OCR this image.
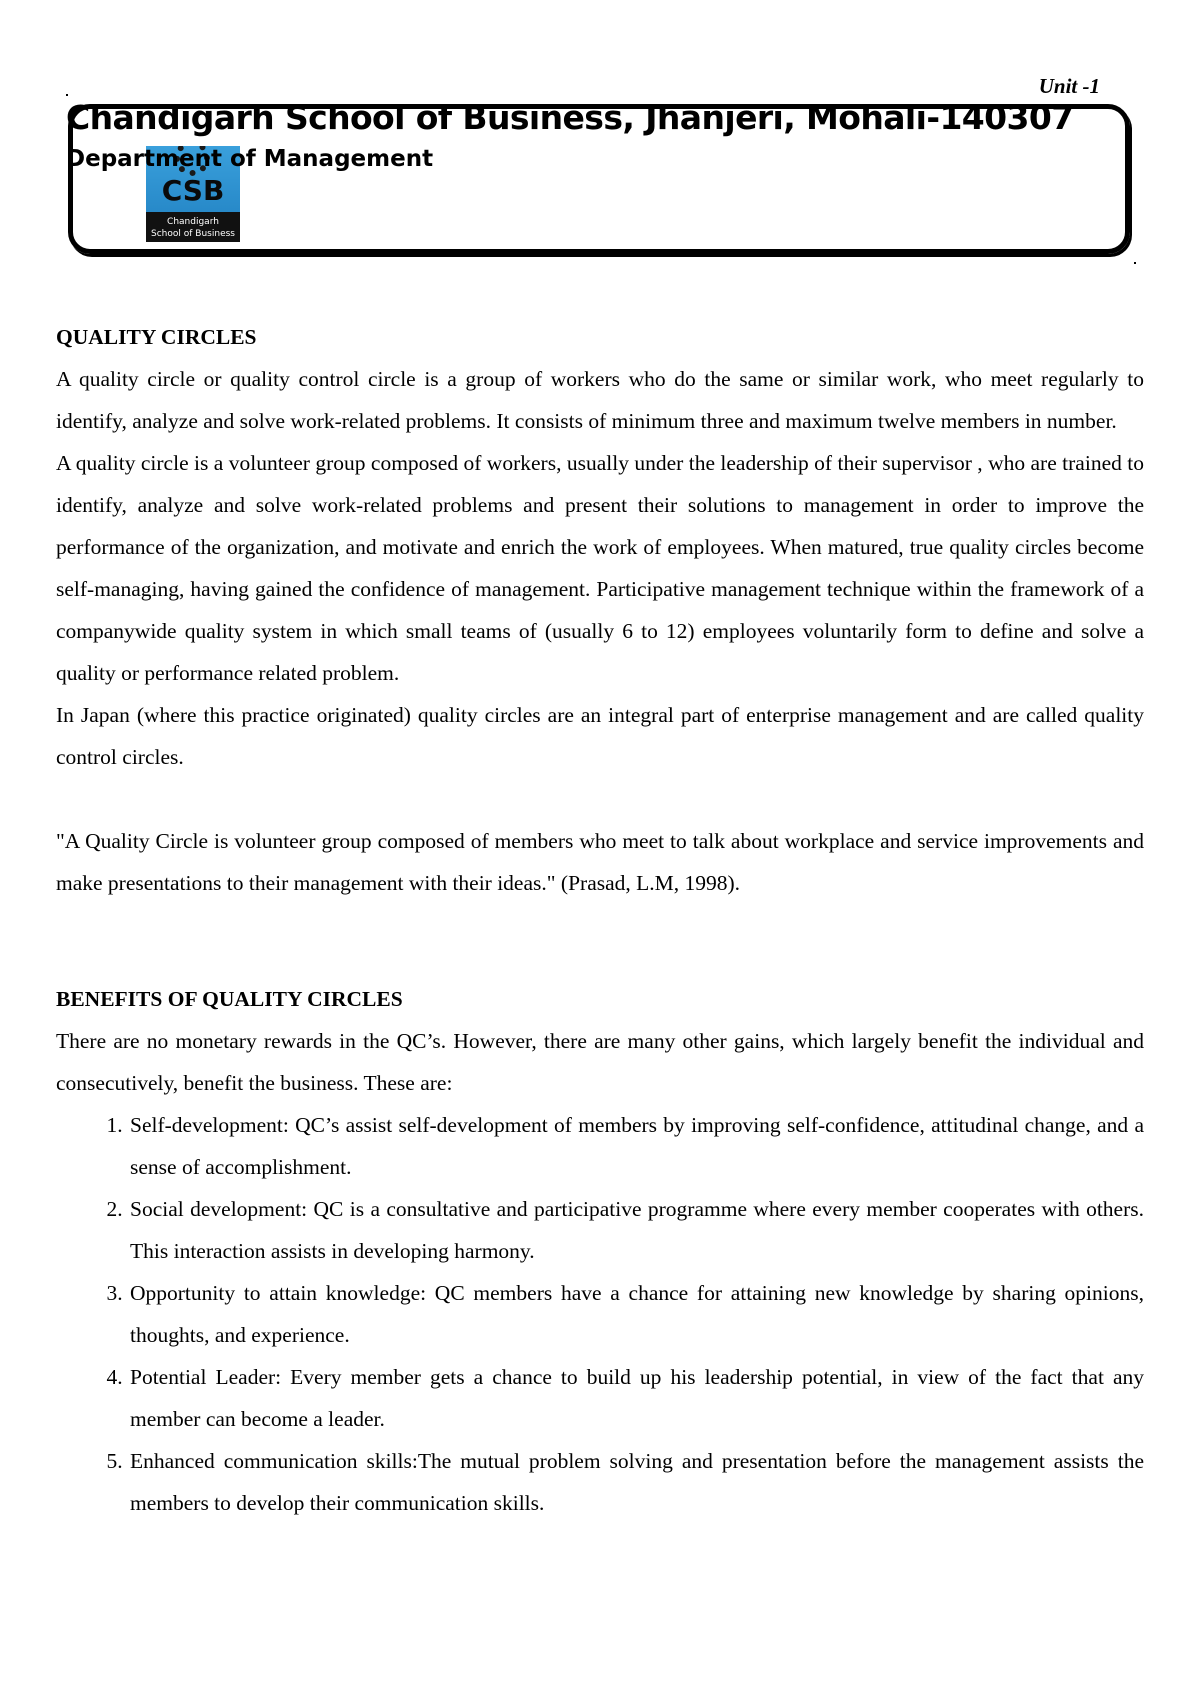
Unit -1
CSB
Chandigarh
School of Business
Chandigarh School of Business, Jhanjeri, Mohali-140307
Department of Management
QUALITY CIRCLES

A quality circle or quality control circle is a group of workers who do the same or similar work, who meet regularly to identify, analyze and solve work-related problems. It consists of minimum three and maximum twelve members in number.

A quality circle is a volunteer group composed of workers, usually under the leadership of their supervisor , who are trained to identify, analyze and solve work-related problems and present their solutions to management in order to improve the performance of the organization, and motivate and enrich the work of employees. When matured, true quality circles become self-managing, having gained the confidence of management. Participative management technique within the framework of a companywide quality system in which small teams of (usually 6 to 12) employees voluntarily form to define and solve a quality or performance related problem.

In Japan (where this practice originated) quality circles are an integral part of enterprise management and are called quality control circles.

"A Quality Circle is volunteer group composed of members who meet to talk about workplace and service improvements and make presentations to their management with their ideas." (Prasad, L.M, 1998).

BENEFITS OF QUALITY CIRCLES

There are no monetary rewards in the QC’s. However, there are many other gains, which largely benefit the individual and consecutively, benefit the business. These are:

1. Self-development: QC’s assist self-development of members by improving self-confidence, attitudinal change, and a sense of accomplishment.
2. Social development: QC is a consultative and participative programme where every member cooperates with others. This interaction assists in developing harmony.
3. Opportunity to attain knowledge: QC members have a chance for attaining new knowledge by sharing opinions, thoughts, and experience.
4. Potential Leader: Every member gets a chance to build up his leadership potential, in view of the fact that any member can become a leader.
5. Enhanced communication skills:The mutual problem solving and presentation before the management assists the members to develop their communication skills.
